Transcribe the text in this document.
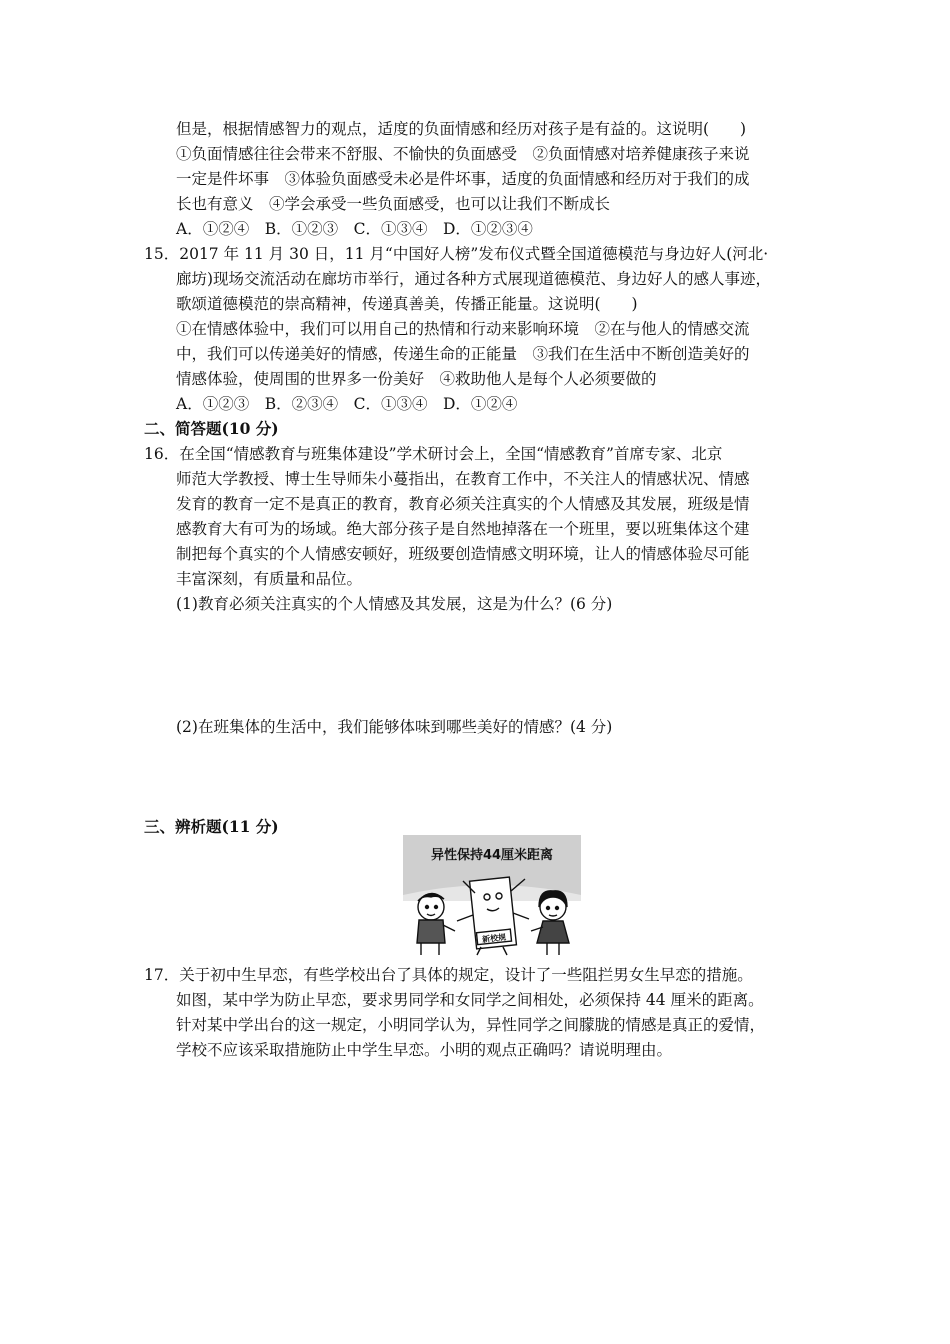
但是，根据情感智力的观点，适度的负面情感和经历对孩子是有益的。这说明(　　)
①负面情感往往会带来不舒服、不愉快的负面感受　②负面情感对培养健康孩子来说
一定是件坏事　③体验负面感受未必是件坏事，适度的负面情感和经历对于我们的成
长也有意义　④学会承受一些负面感受，也可以让我们不断成长
A．①②④　B．①②③　C．①③④　D．①②③④
15．2017 年 11 月 30 日，11 月“中国好人榜”发布仪式暨全国道德模范与身边好人(河北·
廊坊)现场交流活动在廊坊市举行，通过各种方式展现道德模范、身边好人的感人事迹，
歌颂道德模范的崇高精神，传递真善美，传播正能量。这说明(　　)
①在情感体验中，我们可以用自己的热情和行动来影响环境　②在与他人的情感交流
中，我们可以传递美好的情感，传递生命的正能量　③我们在生活中不断创造美好的
情感体验，使周围的世界多一份美好　④救助他人是每个人必须要做的
A．①②③　B．②③④　C．①③④　D．①②④
二、简答题(10 分)
16．在全国“情感教育与班集体建设”学术研讨会上，全国“情感教育”首席专家、北京
师范大学教授、博士生导师朱小蔓指出，在教育工作中，不关注人的情感状况、情感
发育的教育一定不是真正的教育，教育必须关注真实的个人情感及其发展，班级是情
感教育大有可为的场域。绝大部分孩子是自然地掉落在一个班里，要以班集体这个建
制把每个真实的个人情感安顿好，班级要创造情感文明环境，让人的情感体验尽可能
丰富深刻，有质量和品位。
(1)教育必须关注真实的个人情感及其发展，这是为什么？(6 分)
(2)在班集体的生活中，我们能够体味到哪些美好的情感？(4 分)
三、辨析题(11 分)
异性保持44厘米距离
新校规
17．关于初中生早恋，有些学校出台了具体的规定，设计了一些阻拦男女生早恋的措施。
如图，某中学为防止早恋，要求男同学和女同学之间相处，必须保持 44 厘米的距离。
针对某中学出台的这一规定，小明同学认为，异性同学之间朦胧的情感是真正的爱情，
学校不应该采取措施防止中学生早恋。小明的观点正确吗？请说明理由。
